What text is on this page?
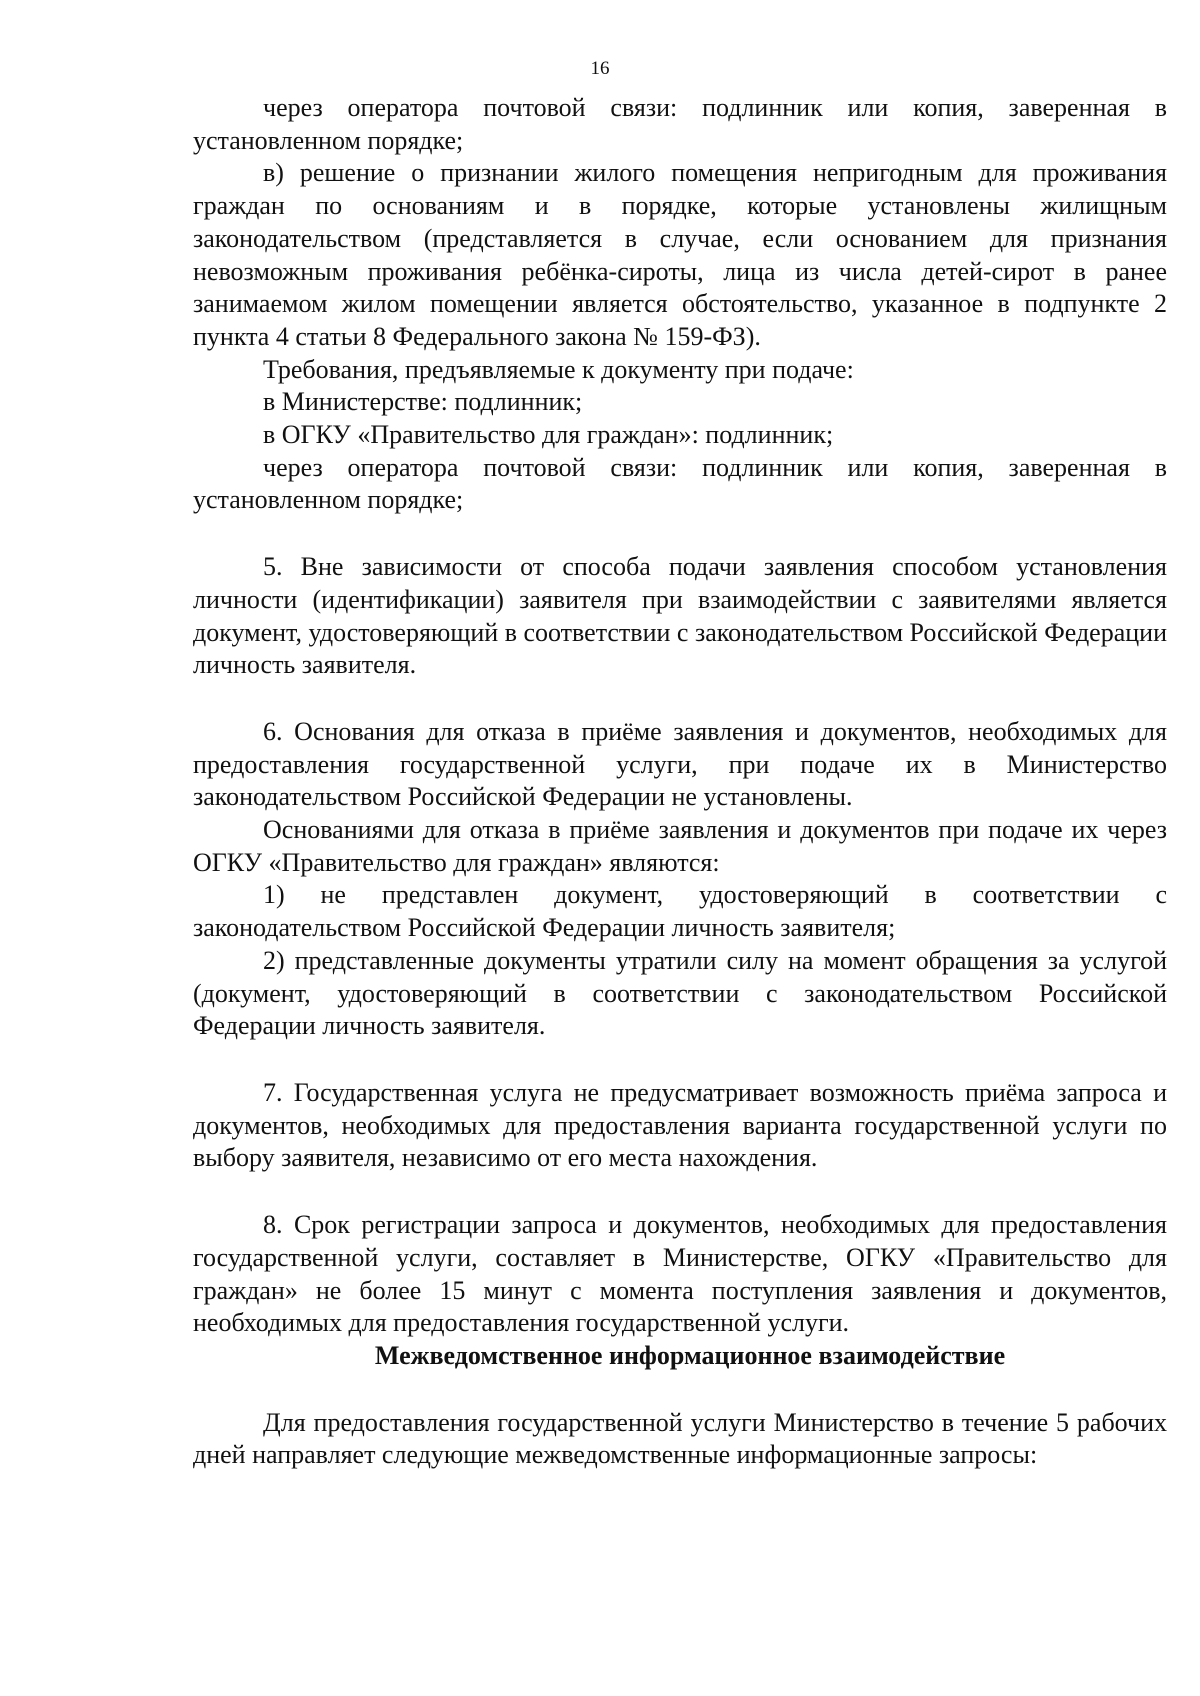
16

через оператора почтовой связи: подлинник или копия, заверенная в установленном порядке;

в) решение о признании жилого помещения непригодным для проживания граждан по основаниям и в порядке, которые установлены жилищным законодательством (представляется в случае, если основанием для признания невозможным проживания ребёнка-сироты, лица из числа детей-сирот в ранее занимаемом жилом помещении является обстоятельство, указанное в подпункте 2 пункта 4 статьи 8 Федерального закона № 159-ФЗ).

Требования, предъявляемые к документу при подаче:

в Министерстве: подлинник;

в ОГКУ «Правительство для граждан»: подлинник;

через оператора почтовой связи: подлинник или копия, заверенная в установленном порядке;

5. Вне зависимости от способа подачи заявления способом установления личности (идентификации) заявителя при взаимодействии с заявителями является документ, удостоверяющий в соответствии с законодательством Российской Федерации личность заявителя.

6. Основания для отказа в приёме заявления и документов, необходимых для предоставления государственной услуги, при подаче их в Министерство законодательством Российской Федерации не установлены.

Основаниями для отказа в приёме заявления и документов при подаче их через ОГКУ «Правительство для граждан» являются:

1) не представлен документ, удостоверяющий в соответствии с законодательством Российской Федерации личность заявителя;

2) представленные документы утратили силу на момент обращения за услугой (документ, удостоверяющий в соответствии с законодательством Российской Федерации личность заявителя.

7. Государственная услуга не предусматривает возможность приёма запроса и документов, необходимых для предоставления варианта государственной услуги по выбору заявителя, независимо от его места нахождения.

8. Срок регистрации запроса и документов, необходимых для предоставления государственной услуги, составляет в Министерстве, ОГКУ «Правительство для граждан» не более 15 минут с момента поступления заявления и документов, необходимых для предоставления государственной услуги.

Межведомственное информационное взаимодействие

Для предоставления государственной услуги Министерство в течение 5 рабочих дней направляет следующие межведомственные информационные запросы:
